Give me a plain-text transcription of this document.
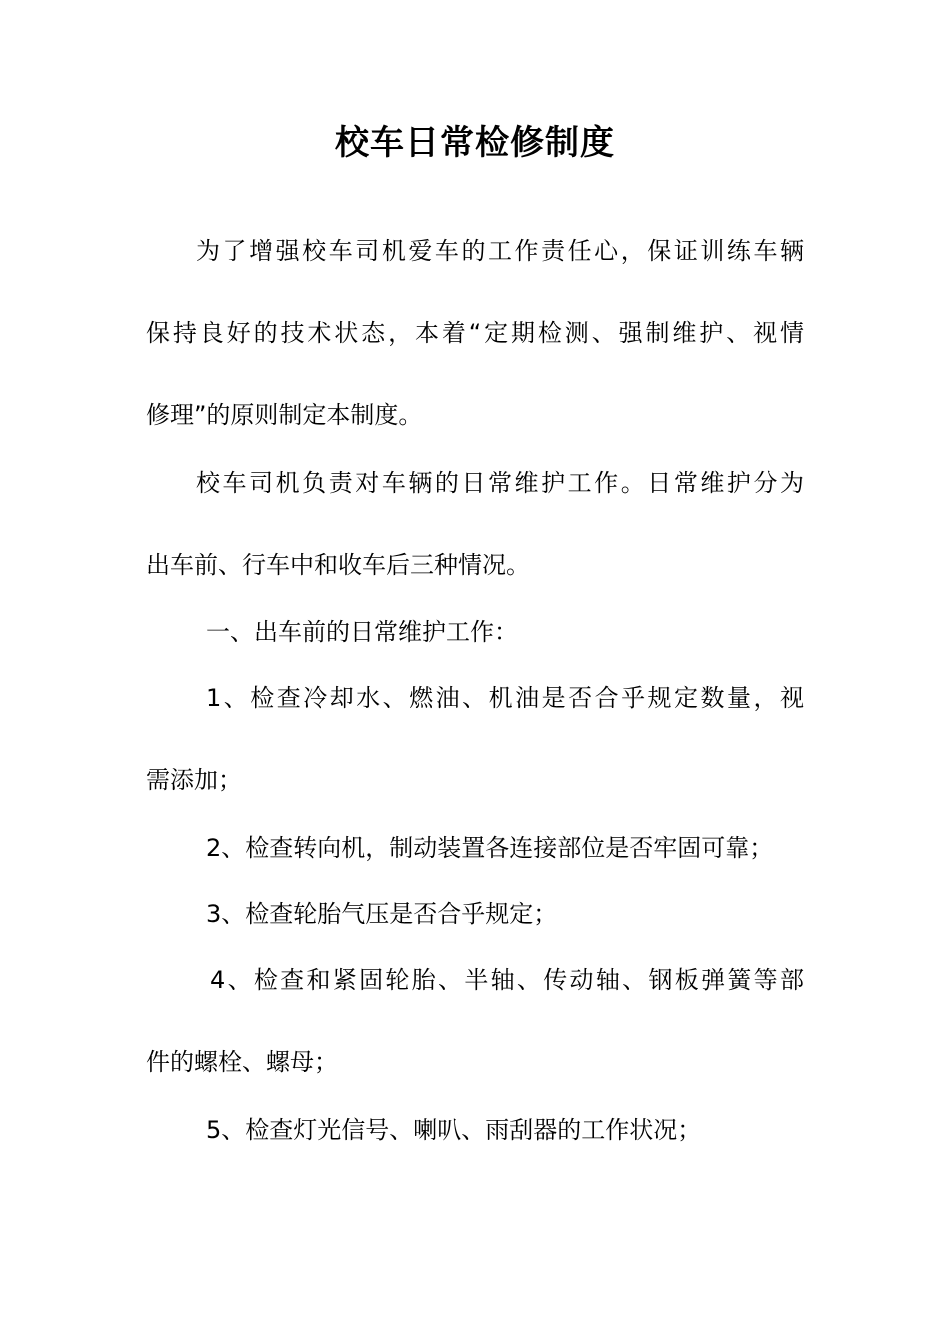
校车日常检修制度
为了增强校车司机爱车的工作责任心，保证训练车辆
保持良好的技术状态，本着“定期检测、强制维护、视情
修理”的原则制定本制度。
校车司机负责对车辆的日常维护工作。日常维护分为
出车前、行车中和收车后三种情况。
一、出车前的日常维护工作：
1、检查冷却水、燃油、机油是否合乎规定数量，视
需添加；
2、检查转向机，制动装置各连接部位是否牢固可靠；
3、检查轮胎气压是否合乎规定；
4、检查和紧固轮胎、半轴、传动轴、钢板弹簧等部
件的螺栓、螺母；
5、检查灯光信号、喇叭、雨刮器的工作状况；
